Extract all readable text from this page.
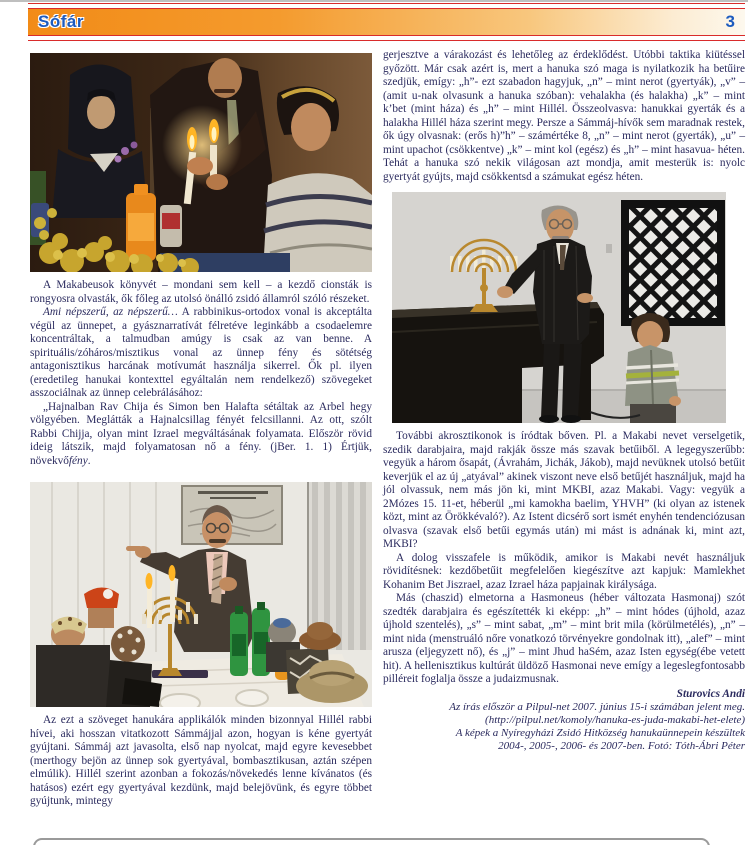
Sófár	3

A Makabeusok könyvét – mondani sem kell – a kezdő cionsták is rongyosra olvasták, ők főleg az utolsó önálló zsidó államról szóló részeket.

Ami népszerű, az népszerű… A rabbinikus-ortodox vonal is akceptálta végül az ünnepet, a gyásznarratívát félretéve leginkább a csodaelemre koncentráltak, a talmudban amúgy is csak az van benne. A spirituális/zóháros/misztikus vonal az ünnep fény és sötétség antagonisztikus harcának motívumát használja sikerrel. Ők pl. ilyen (eredetileg hanukai kontexttel egyáltalán nem rendelkező) szövegeket asszociálnak az ünnep celebrálásához:

„Hajnalban Rav Chija és Simon ben Halafta sétáltak az Arbel hegy völgyében. Meglátták a Hajnalcsillag fényét felcsillanni. Az ott, szólt Rabbi Chijja, olyan mint Izrael megváltásának folyamata. Először rövid ideig látszik, majd folyamatosan nő a fény. (jBer. 1. 1) Értjük, növekvőfény.

Az ezt a szöveget hanukára applikálók minden bizonnyal Hillél rabbi hívei, aki hosszan vitatkozott Sámmájjal azon, hogyan is kéne gyertyát gyújtani. Sámmáj azt javasolta, első nap nyolcat, majd egyre kevesebbet (merthogy bejön az ünnep sok gyertyával, bombasztikusan, aztán szépen elmúlik). Hillél szerint azonban a fokozás/növekedés lenne kívánatos (és hatásos) ezért egy gyertyával kezdünk, majd belejövünk, és egyre többet gyújtunk, mintegy

gerjesztve a várakozást és lehetőleg az érdeklődést. Utóbbi taktika kiütéssel győzött. Már csak azért is, mert a hanuka szó maga is nyilatkozik ha betűire szedjük, emígy: „h”- ezt szabadon hagyjuk, „n” – mint nerot (gyertyák), „v” – (amit u-nak olvasunk a hanuka szóban): vehalakha (és halakha) „k” – mint k’bet (mint háza) és „h” – mint Hillél. Összeolvasva: hanukkai gyerták és a halakha Hillél háza szerint megy. Persze a Sámmáj-hívők sem maradnak restek, ők úgy olvasnak: (erős h)”h” – számértéke 8, „n” – mint nerot (gyerták), „u” – mint upachot (csökkentve) „k” – mint kol (egész) és „h” – mint hasavua- héten. Tehát a hanuka szó nekik világosan azt mondja, amit mesterük is: nyolc gyertyát gyújts, majd csökkentsd a számukat egész héten.

További akrosztikonok is íródtak bőven. Pl. a Makabi nevet verselgetik, szedik darabjaira, majd rakják össze más szavak betűiből. A legegyszerűbb: vegyük a három ősapát, (Ávrahám, Jichák, Jákob), majd nevüknek utolsó betűit keverjük el az új „atyával” akinek viszont neve első betűjét használjuk, majd ha jól olvassuk, nem más jön ki, mint MKBI, azaz Makabi. Vagy: vegyük a 2Mózes 15. 11-et, héberül „mi kamokha baelim, YHVH” (ki olyan az istenek közt, mint az Örökkévaló?). Az Istent dicsérő sort ismét enyhén tendenciózusan olvasva (szavak első betűi egymás után) mi mást is adnának ki, mint azt, MKBI?

A dolog visszafele is működik, amikor is Makabi nevét használjuk rövidítésnek: kezdőbetűit megfelelően kiegészítve azt kapjuk: Mamlekhet Kohanim Bet Jiszrael, azaz Izrael háza papjainak királysága.

Más (chaszid) elmetorna a Hasmoneus (héber változata Hasmonaj) szót szedték darabjaira és egészítették ki eképp: „h” – mint hódes (újhold, azaz újhold szentelés), „s” – mint sabat, „m” – mint brit mila (körülmetélés), „n” – mint nida (menstruáló nőre vonatkozó törvényekre gondolnak itt), „alef” – mint arusza (eljegyzett nő), és „j” – mint Jhud haSém, azaz Isten egység(ébe vetett hit). A hellenisztikus kultúrát üldöző Hasmonai neve emígy a legeslegfontosabb pilléreit foglalja össze a judaizmusnak.

Sturovics Andi
Az írás először a Pilpul-net 2007. június 15-i számában jelent meg.
(http://pilpul.net/komoly/hanuka-es-juda-makabi-het-elete)
A képek a Nyíregyházi Zsidó Hitközség hanukaünnepein készültek
2004-, 2005-, 2006- és 2007-ben. Fotó: Tóth-Ábri Péter
